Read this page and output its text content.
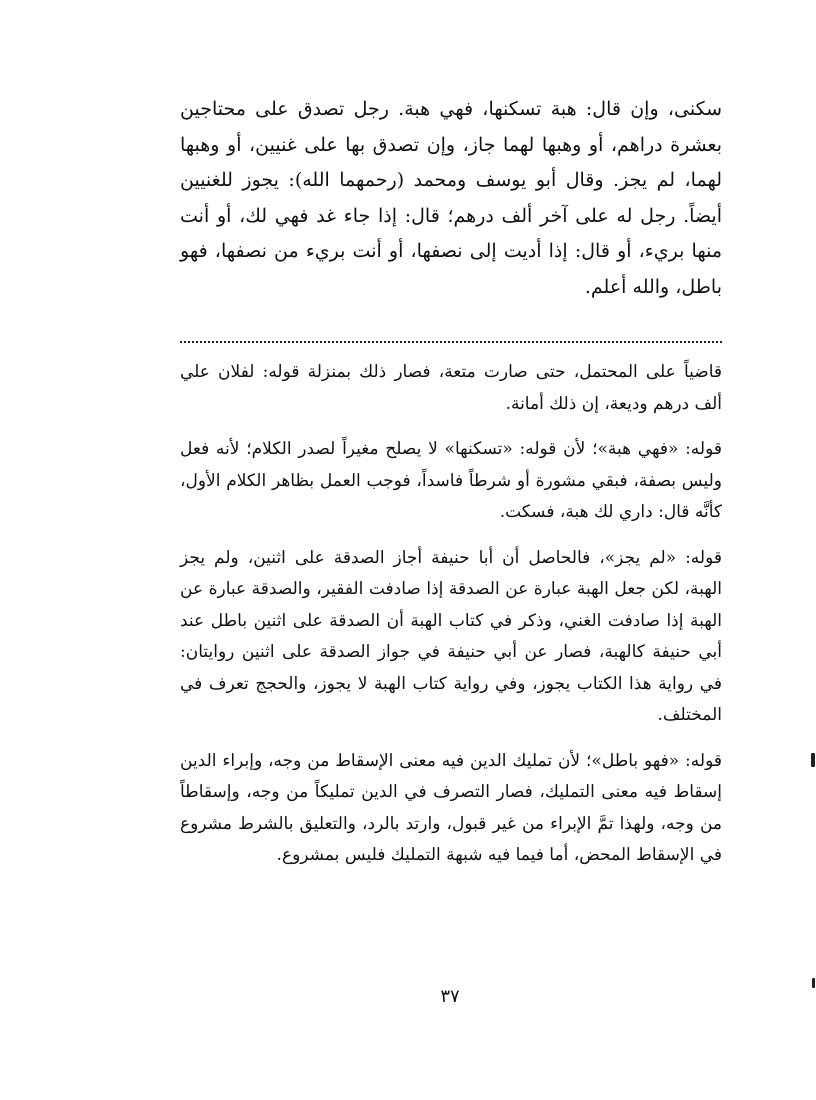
سكنى، وإن قال: هبة تسكنها، فهي هبة. رجل تصدق على محتاجين بعشرة دراهم، أو وهبها لهما جاز، وإن تصدق بها على غنيين، أو وهبها لهما، لم يجز. وقال أبو يوسف ومحمد (رحمهما الله): يجوز للغنيين أيضاً. رجل له على آخر ألف درهم؛ قال: إذا جاء غد فهي لك، أو أنت منها بريء، أو قال: إذا أديت إلى نصفها، أو أنت بريء من نصفها، فهو باطل، والله أعلم.

قاضياً على المحتمل، حتى صارت متعة، فصار ذلك بمنزلة قوله: لفلان علي ألف درهم وديعة، إن ذلك أمانة.

قوله: «فهي هبة»؛ لأن قوله: «تسكنها» لا يصلح مغيراً لصدر الكلام؛ لأنه فعل وليس بصفة، فبقي مشورة أو شرطاً فاسداً، فوجب العمل بظاهر الكلام الأول، كأنَّه قال: داري لك هبة، فسكت.

قوله: «لم يجز»، فالحاصل أن أبا حنيفة أجاز الصدقة على اثنين، ولم يجز الهبة، لكن جعل الهبة عبارة عن الصدقة إذا صادفت الفقير، والصدقة عبارة عن الهبة إذا صادفت الغني، وذكر في كتاب الهبة أن الصدقة على اثنين باطل عند أبي حنيفة كالهبة، فصار عن أبي حنيفة في جواز الصدقة على اثنين روايتان: في رواية هذا الكتاب يجوز، وفي رواية كتاب الهبة لا يجوز، والحجج تعرف في المختلف.

قوله: «فهو باطل»؛ لأن تمليك الدين فيه معنى الإسقاط من وجه، وإبراء الدين إسقاط فيه معنى التمليك، فصار التصرف في الدين تمليكاً من وجه، وإسقاطاً من وجه، ولهذا تمَّ الإبراء من غير قبول، وارتد بالرد، والتعليق بالشرط مشروع في الإسقاط المحض، أما فيما فيه شبهة التمليك فليس بمشروع.

٣٧
